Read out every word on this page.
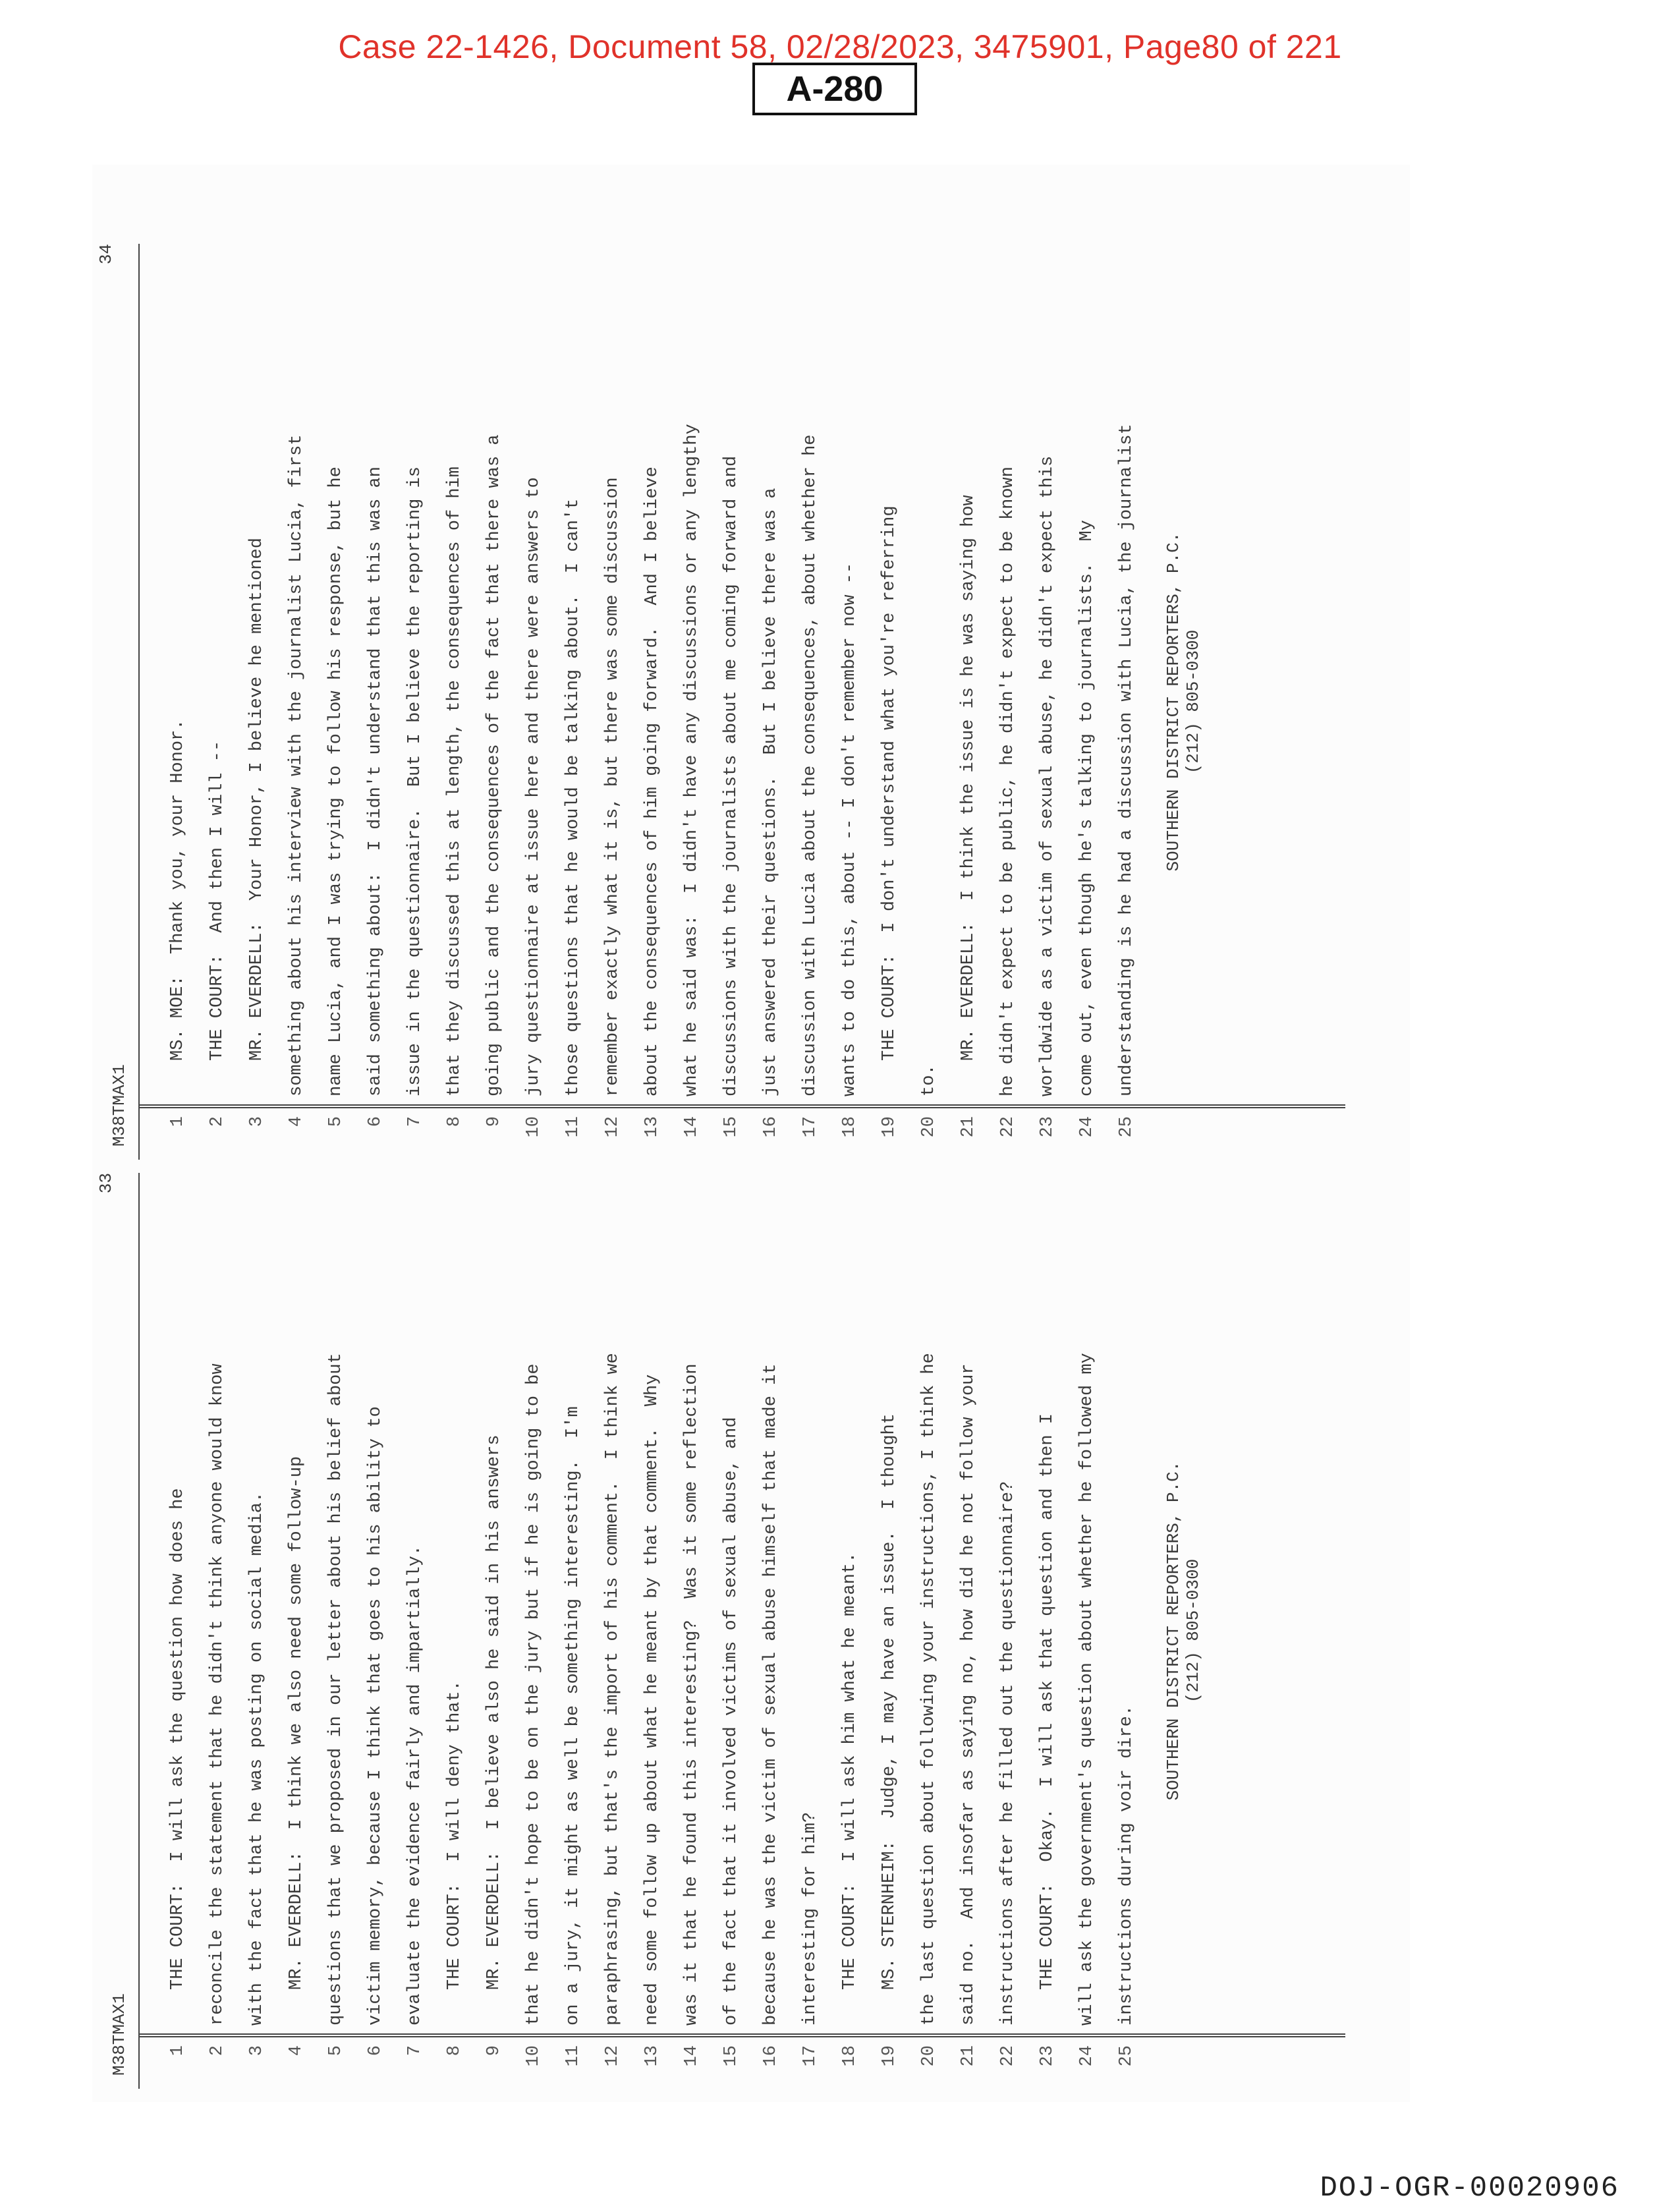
Case 22-1426, Document 58, 02/28/2023, 3475901, Page80 of 221
A-280
33
M38TMAX1
SOUTHERN DISTRICT REPORTERS, P.C. (212) 805-0300
1
THE COURT:  I will ask the question how does he
2
reconcile the statement that he didn't think anyone would know
3
with the fact that he was posting on social media.
4
MR. EVERDELL:  I think we also need some follow-up
5
questions that we proposed in our letter about his belief about
6
victim memory, because I think that goes to his ability to
7
evaluate the evidence fairly and impartially.
8
THE COURT:  I will deny that.
9
MR. EVERDELL:  I believe also he said in his answers
10
that he didn't hope to be on the jury but if he is going to be
11
on a jury, it might as well be something interesting.  I'm
12
paraphrasing, but that's the import of his comment.  I think we
13
need some follow up about what he meant by that comment.  Why
14
was it that he found this interesting?  Was it some reflection
15
of the fact that it involved victims of sexual abuse, and
16
because he was the victim of sexual abuse himself that made it
17
interesting for him?
18
THE COURT:  I will ask him what he meant.
19
MS. STERNHEIM:  Judge, I may have an issue.  I thought
20
the last question about following your instructions, I think he
21
said no.  And insofar as saying no, how did he not follow your
22
instructions after he filled out the questionnaire?
23
THE COURT:  Okay.  I will ask that question and then I
24
will ask the government's question about whether he followed my
25
instructions during voir dire.
34
M38TMAX1
SOUTHERN DISTRICT REPORTERS, P.C. (212) 805-0300
1
MS. MOE:  Thank you, your Honor.
2
THE COURT:  And then I will --
3
MR. EVERDELL:  Your Honor, I believe he mentioned
4
something about his interview with the journalist Lucia, first
5
name Lucia, and I was trying to follow his response, but he
6
said something about:  I didn't understand that this was an
7
issue in the questionnaire.  But I believe the reporting is
8
that they discussed this at length, the consequences of him
9
going public and the consequences of the fact that there was a
10
jury questionnaire at issue here and there were answers to
11
those questions that he would be talking about.  I can't
12
remember exactly what it is, but there was some discussion
13
about the consequences of him going forward.  And I believe
14
what he said was:  I didn't have any discussions or any lengthy
15
discussions with the journalists about me coming forward and
16
just answered their questions.  But I believe there was a
17
discussion with Lucia about the consequences, about whether he
18
wants to do this, about -- I don't remember now --
19
THE COURT:  I don't understand what you're referring
20
to.
21
MR. EVERDELL:  I think the issue is he was saying how
22
he didn't expect to be public, he didn't expect to be known
23
worldwide as a victim of sexual abuse, he didn't expect this
24
come out, even though he's talking to journalists.  My
25
understanding is he had a discussion with Lucia, the journalist
DOJ-OGR-00020906
